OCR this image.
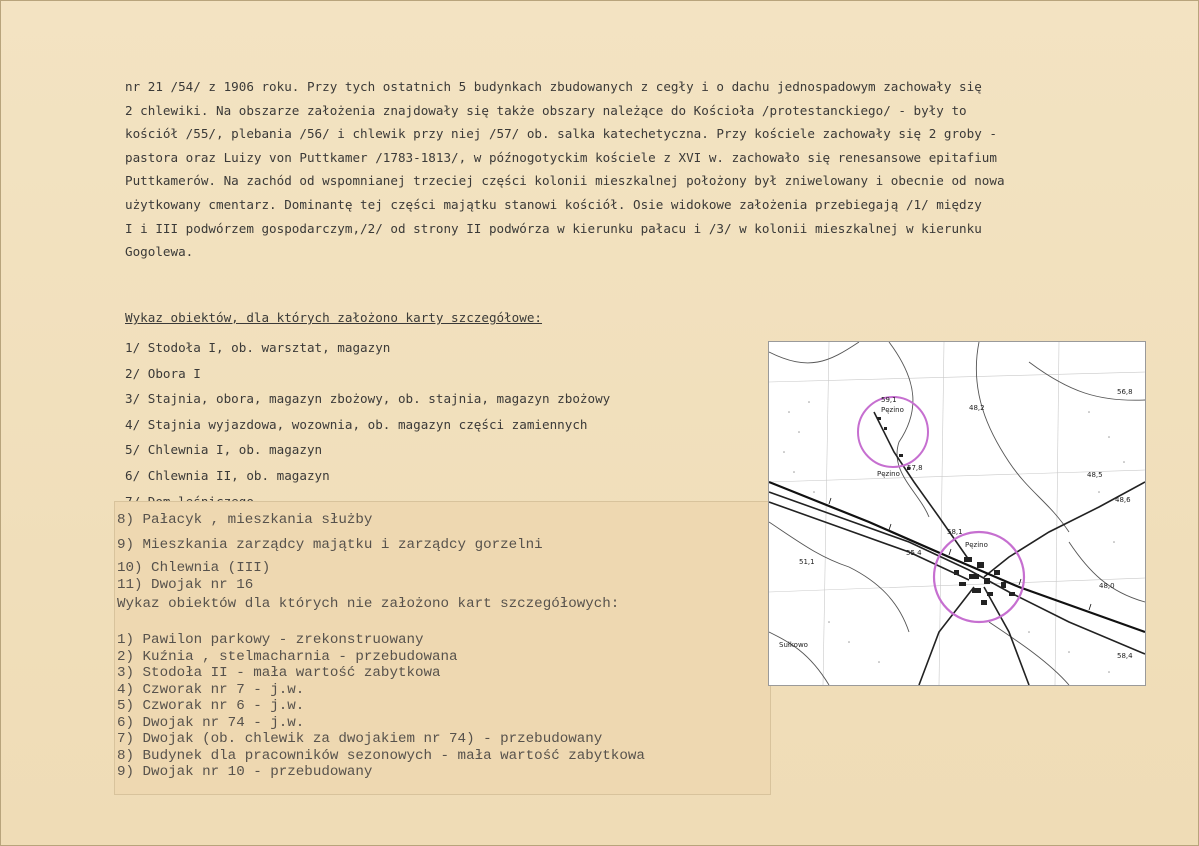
nr 21 /54/ z 1906 roku. Przy tych ostatnich 5 budynkach zbudowanych z cegły i o dachu jednospadowym zachowały się
2 chlewiki. Na obszarze założenia znajdowały się także obszary należące do Kościoła /protestanckiego/ - były to
kościół /55/, plebania /56/ i chlewik przy niej /57/ ob. salka katechetyczna. Przy kościele zachowały się 2 groby -
pastora oraz Luizy von Puttkamer /1783-1813/, w późnogotyckim kościele z XVI w. zachowało się renesansowe epitafium
Puttkamerów. Na zachód od wspomnianej trzeciej części kolonii mieszkalnej położony był zniwelowany i obecnie od nowa
użytkowany cmentarz. Dominantę tej części majątku stanowi kościół. Osie widokowe założenia przebiegają /1/ między
I i III podwórzem gospodarczym,/2/ od strony II podwórza w kierunku pałacu i /3/ w kolonii mieszkalnej w kierunku
Gogolewa.
Wykaz obiektów, dla których założono karty szczegółowe:
1/ Stodoła I, ob. warsztat, magazyn
2/ Obora I
3/ Stajnia, obora, magazyn zbożowy, ob. stajnia, magazyn zbożowy
4/ Stajnia wyjazdowa, wozownia, ob. magazyn części zamiennych
5/ Chlewnia I, ob. magazyn
6/ Chlewnia II, ob. magazyn
8) Pałacyk , mieszkania służby
9) Mieszkania zarządcy majątku i zarządcy gorzelni
10) Chlewnia (III)
11) Dwojak nr 16
Wykaz obiektów dla których nie założono kart szczegółowych:
1) Pawilon parkowy - zrekonstruowany
2) Kuźnia , stelmacharnia - przebudowana
3) Stodoła II - mała wartość zabytkowa
4) Czworak nr 7 - j.w.
5) Czworak nr 6 - j.w.
6) Dwojak nr 74 - j.w.
7) Dwojak (ob. chlewik za dwojakiem nr 74) - przebudowany
8) Budynek dla pracowników sezonowych - mała wartość zabytkowa
9) Dwojak nr 10 - przebudowany
59,1
Pęzino
Pęzino
57,8
48,2
56,8
48,5
48,6
55,4
58,1
Pęzino
48,0
58,4
51,1
Sułkowo
